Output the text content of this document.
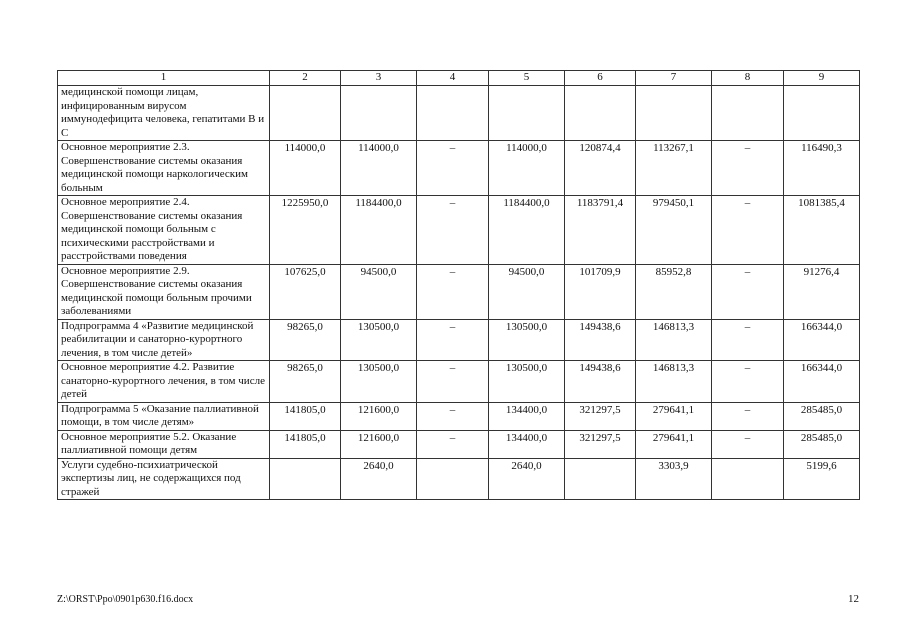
1	2	3	4	5	6	7	8	9
медицинской помощи лицам, инфицированным вирусом иммунодефицита человека, гепатитами В и С								
Основное мероприятие 2.3. Совершенствование системы оказания медицинской помощи наркологическим больным	114000,0	114000,0	–	114000,0	120874,4	113267,1	–	116490,3
Основное мероприятие 2.4. Совершенствование системы оказания медицинской помощи больным с психическими расстройствами и расстройствами поведения	1225950,0	1184400,0	–	1184400,0	1183791,4	979450,1	–	1081385,4
Основное мероприятие 2.9. Совершенствование системы оказания медицинской помощи больным прочими заболеваниями	107625,0	94500,0	–	94500,0	101709,9	85952,8	–	91276,4
Подпрограмма 4 «Развитие медицинской реабилитации и санаторно-курортного лечения, в том числе детей»	98265,0	130500,0	–	130500,0	149438,6	146813,3	–	166344,0
Основное мероприятие 4.2. Развитие санаторно-курортного лечения, в том числе детей	98265,0	130500,0	–	130500,0	149438,6	146813,3	–	166344,0
Подпрограмма 5 «Оказание паллиативной помощи, в том числе детям»	141805,0	121600,0	–	134400,0	321297,5	279641,1	–	285485,0
Основное мероприятие 5.2. Оказание паллиативной помощи детям	141805,0	121600,0	–	134400,0	321297,5	279641,1	–	285485,0
Услуги судебно-психиатрической экспертизы лиц, не содержащихся под стражей		2640,0		2640,0		3303,9		5199,6
Z:\ORST\Ppo\0901p630.f16.docx	12
